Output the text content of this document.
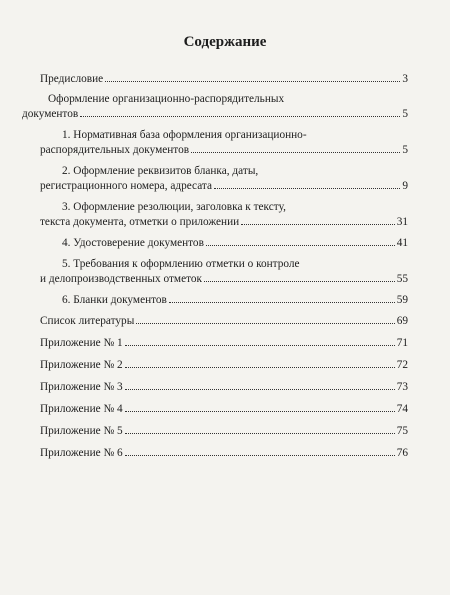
Содержание
Предисловие	3
Оформление организационно-распорядительных
документов	5
1. Нормативная база оформления организационно-
распорядительных документов	5
2. Оформление реквизитов бланка, даты,
регистрационного номера, адресата	9
3. Оформление резолюции, заголовка к тексту,
текста документа, отметки о приложении	31
4. Удостоверение документов	41
5. Требования к оформлению отметки о контроле
и делопроизводственных отметок	55
6. Бланки документов	59
Список литературы	69
Приложение № 1	71
Приложение № 2	72
Приложение № 3	73
Приложение № 4	74
Приложение № 5	75
Приложение № 6	76
